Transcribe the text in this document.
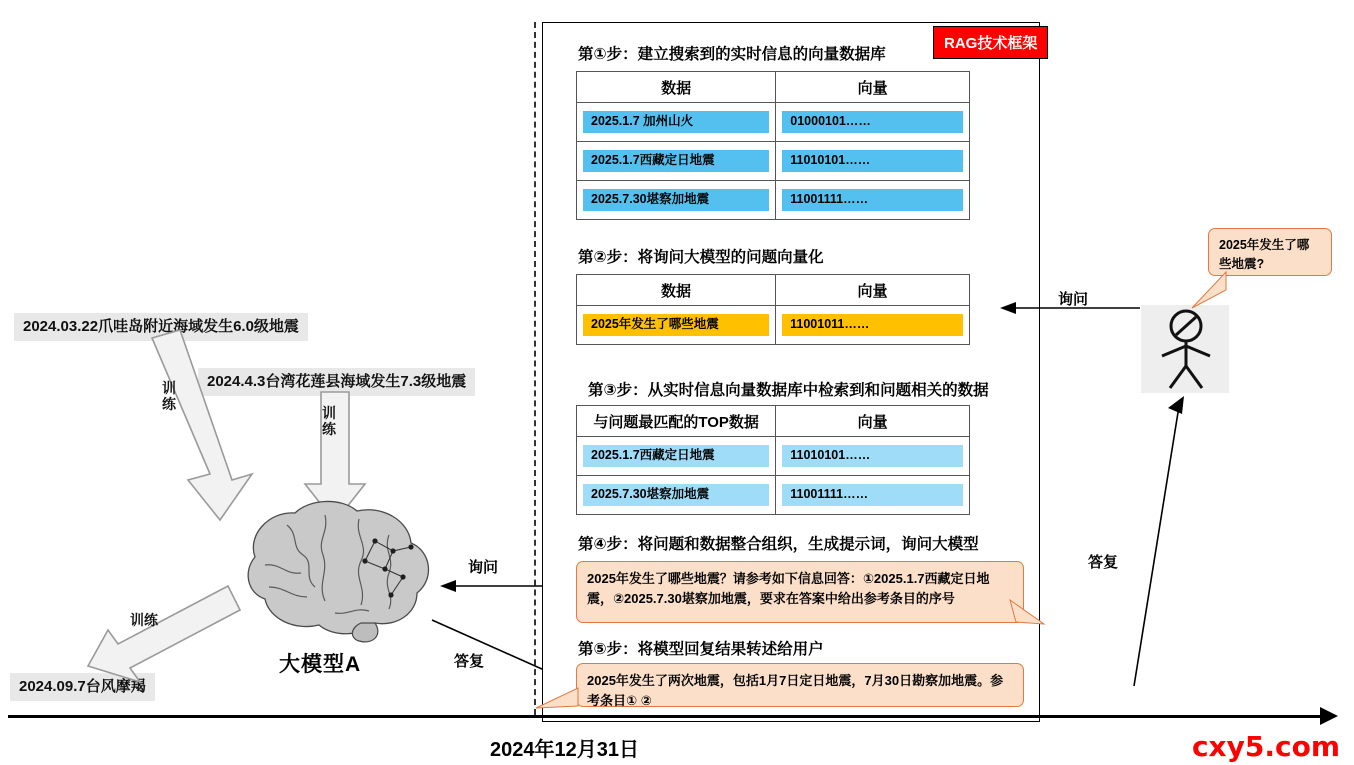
2024.03.22爪哇岛附近海域发生6.0级地震
2024.4.3台湾花莲县海域发生7.3级地震
2024.09.7台风摩羯
训练
训练
训练
大模型A
询问
答复
RAG技术框架
第①步：建立搜索到的实时信息的向量数据库
数据	向量

2025.1.7 加州山火	01000101……

2025.1.7西藏定日地震	11010101……

2025.7.30堪察加地震	11001111……
第②步：将询问大模型的问题向量化
数据	向量

2025年发生了哪些地震	11001011……
第③步：从实时信息向量数据库中检索到和问题相关的数据
与问题最匹配的TOP数据	向量

2025.1.7西藏定日地震	11010101……

2025.7.30堪察加地震	11001111……
第④步：将问题和数据整合组织，生成提示词，询问大模型
2025年发生了哪些地震？请参考如下信息回答：①2025.1.7西藏定日地震，②2025.7.30堪察加地震，要求在答案中给出参考条目的序号
第⑤步：将模型回复结果转述给用户
2025年发生了两次地震，包括1月7日定日地震，7月30日勘察加地震。参考条目① ②
2025年发生了哪些地震?
询问
答复
2024年12月31日	cxy5.com
